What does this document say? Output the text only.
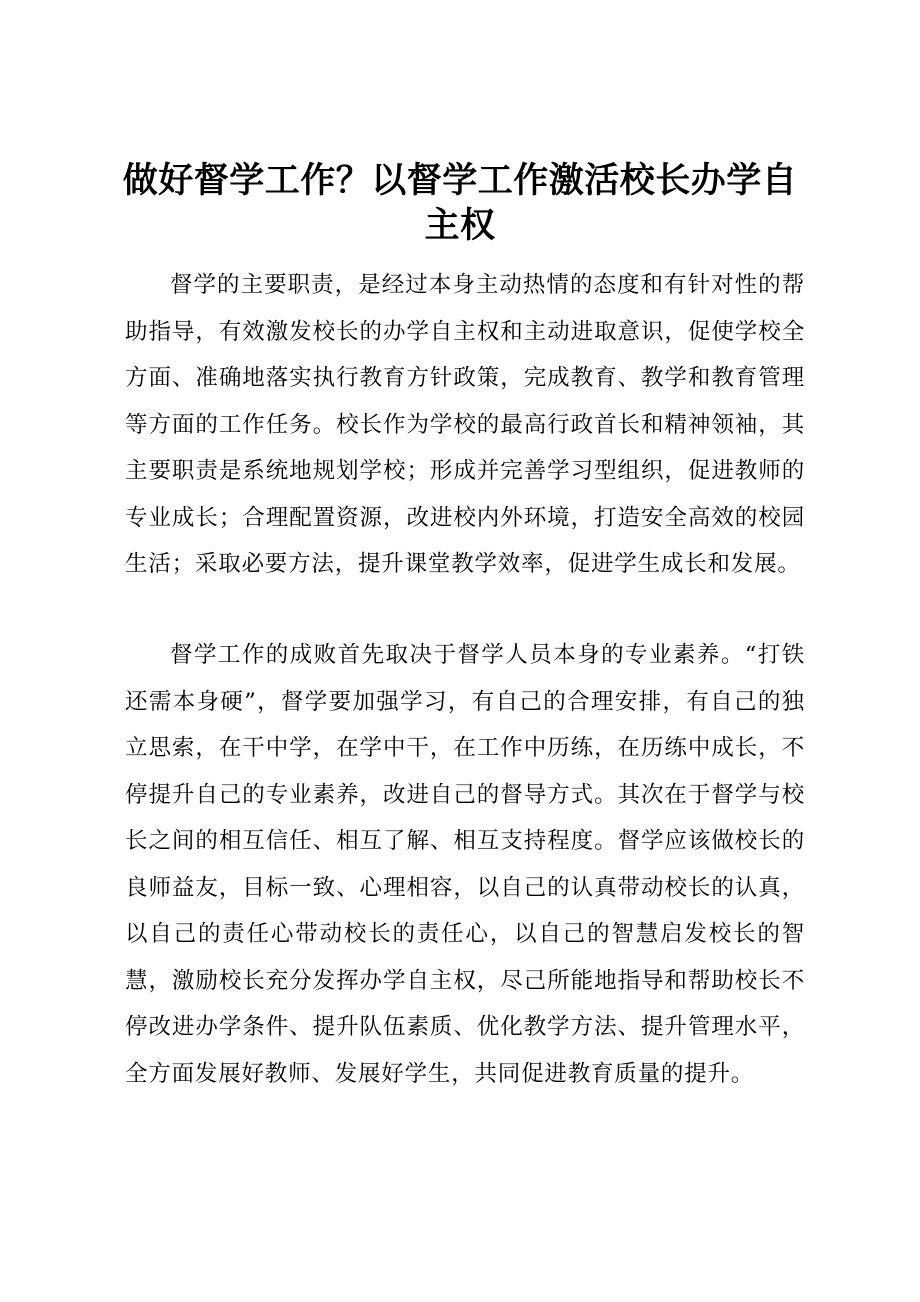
做好督学工作？以督学工作激活校长办学自主权

督学的主要职责，是经过本身主动热情的态度和有针对性的帮助指导，有效激发校长的办学自主权和主动进取意识，促使学校全方面、准确地落实执行教育方针政策，完成教育、教学和教育管理等方面的工作任务。校长作为学校的最高行政首长和精神领袖，其主要职责是系统地规划学校；形成并完善学习型组织，促进教师的专业成长；合理配置资源，改进校内外环境，打造安全高效的校园生活；采取必要方法，提升课堂教学效率，促进学生成长和发展。

督学工作的成败首先取决于督学人员本身的专业素养。“打铁还需本身硬”，督学要加强学习，有自己的合理安排，有自己的独立思索，在干中学，在学中干，在工作中历练，在历练中成长，不停提升自己的专业素养，改进自己的督导方式。其次在于督学与校长之间的相互信任、相互了解、相互支持程度。督学应该做校长的良师益友，目标一致、心理相容，以自己的认真带动校长的认真，以自己的责任心带动校长的责任心，以自己的智慧启发校长的智慧，激励校长充分发挥办学自主权，尽己所能地指导和帮助校长不停改进办学条件、提升队伍素质、优化教学方法、提升管理水平，全方面发展好教师、发展好学生，共同促进教育质量的提升。
